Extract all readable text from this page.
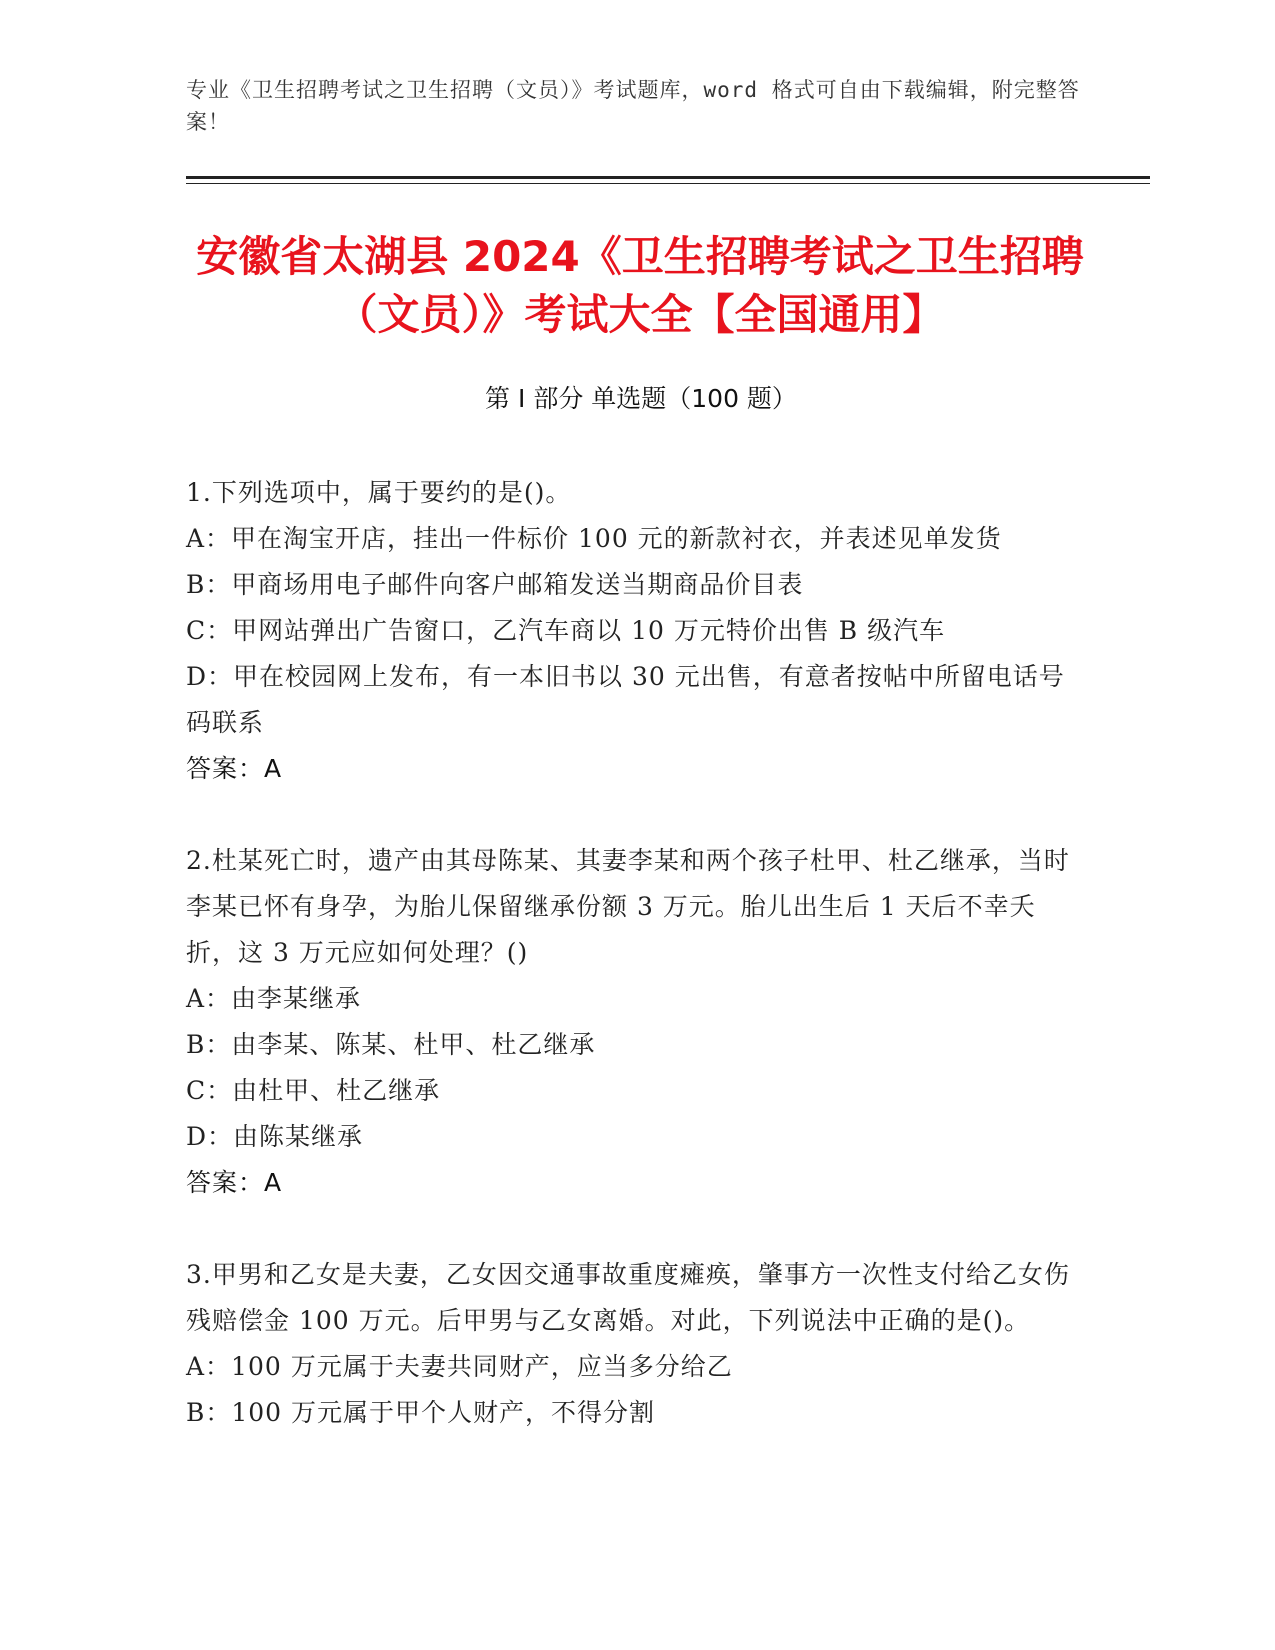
专业《卫生招聘考试之卫生招聘（文员）》考试题库，word 格式可自由下载编辑，附完整答案！
安徽省太湖县 2024《卫生招聘考试之卫生招聘（文员）》考试大全【全国通用】
第 I 部分 单选题（100 题）
1.下列选项中，属于要约的是()。
A：甲在淘宝开店，挂出一件标价 100 元的新款衬衣，并表述见单发货
B：甲商场用电子邮件向客户邮箱发送当期商品价目表
C：甲网站弹出广告窗口，乙汽车商以 10 万元特价出售 B 级汽车
D：甲在校园网上发布，有一本旧书以 30 元出售，有意者按帖中所留电话号码联系
答案：A
2.杜某死亡时，遗产由其母陈某、其妻李某和两个孩子杜甲、杜乙继承，当时李某已怀有身孕，为胎儿保留继承份额 3 万元。胎儿出生后 1 天后不幸夭折，这 3 万元应如何处理？()
A：由李某继承
B：由李某、陈某、杜甲、杜乙继承
C：由杜甲、杜乙继承
D：由陈某继承
答案：A
3.甲男和乙女是夫妻，乙女因交通事故重度瘫痪，肇事方一次性支付给乙女伤残赔偿金 100 万元。后甲男与乙女离婚。对此，下列说法中正确的是()。
A：100 万元属于夫妻共同财产，应当多分给乙
B：100 万元属于甲个人财产，不得分割
